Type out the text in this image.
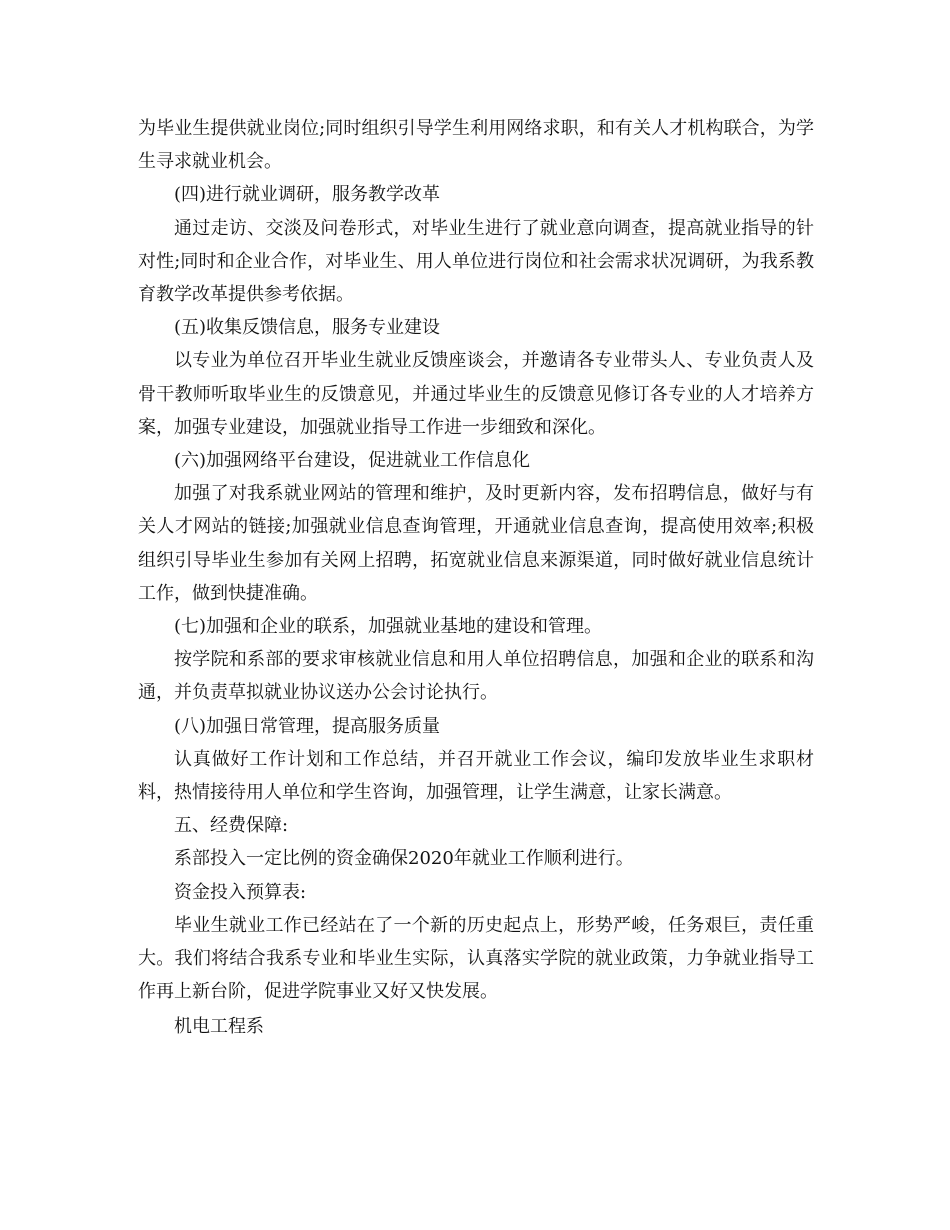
为毕业生提供就业岗位;同时组织引导学生利用网络求职，和有关人才机构联合，为学生寻求就业机会。

(四)进行就业调研，服务教学改革

通过走访、交淡及问卷形式，对毕业生进行了就业意向调查，提高就业指导的针对性;同时和企业合作，对毕业生、用人单位进行岗位和社会需求状况调研，为我系教育教学改革提供参考依据。

(五)收集反馈信息，服务专业建设

以专业为单位召开毕业生就业反馈座谈会，并邀请各专业带头人、专业负责人及骨干教师听取毕业生的反馈意见，并通过毕业生的反馈意见修订各专业的人才培养方案，加强专业建设，加强就业指导工作进一步细致和深化。

(六)加强网络平台建设，促进就业工作信息化

加强了对我系就业网站的管理和维护，及时更新内容，发布招聘信息，做好与有关人才网站的链接;加强就业信息查询管理，开通就业信息查询，提高使用效率;积极组织引导毕业生参加有关网上招聘，拓宽就业信息来源渠道，同时做好就业信息统计工作，做到快捷准确。

(七)加强和企业的联系，加强就业基地的建设和管理。

按学院和系部的要求审核就业信息和用人单位招聘信息，加强和企业的联系和沟通，并负责草拟就业协议送办公会讨论执行。

(八)加强日常管理，提高服务质量

认真做好工作计划和工作总结，并召开就业工作会议，编印发放毕业生求职材料，热情接待用人单位和学生咨询，加强管理，让学生满意，让家长满意。

五、经费保障:

系部投入一定比例的资金确保2020年就业工作顺利进行。

资金投入预算表:

毕业生就业工作已经站在了一个新的历史起点上，形势严峻，任务艰巨，责任重大。我们将结合我系专业和毕业生实际，认真落实学院的就业政策，力争就业指导工作再上新台阶，促进学院事业又好又快发展。

机电工程系
